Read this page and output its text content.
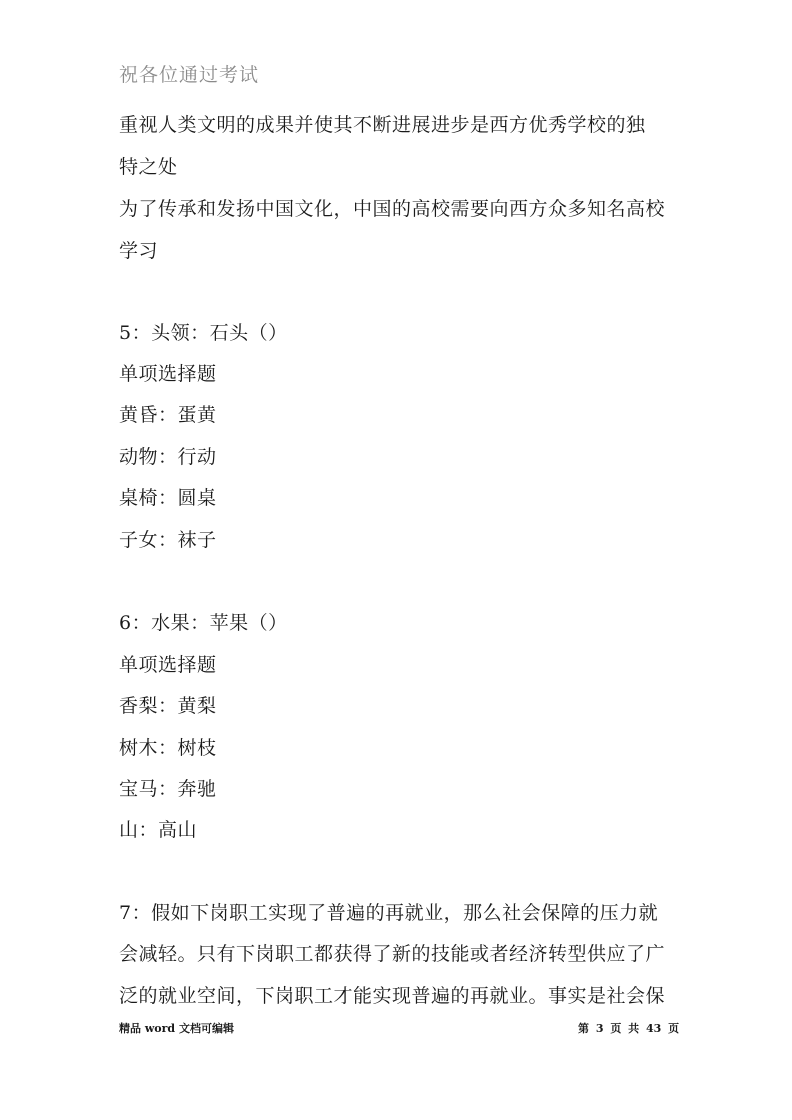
祝各位通过考试
重视人类文明的成果并使其不断进展进步是西方优秀学校的独
特之处
为了传承和发扬中国文化，中国的高校需要向西方众多知名高校
学习
5：头领：石头（）
单项选择题
黄昏：蛋黄
动物：行动
桌椅：圆桌
子女：袜子
6：水果：苹果（）
单项选择题
香梨：黄梨
树木：树枝
宝马：奔驰
山：高山
7：假如下岗职工实现了普遍的再就业，那么社会保障的压力就
会减轻。只有下岗职工都获得了新的技能或者经济转型供应了广
泛的就业空间，下岗职工才能实现普遍的再就业。事实是社会保
精品 word 文档可编辑	第 3 页 共 43 页
